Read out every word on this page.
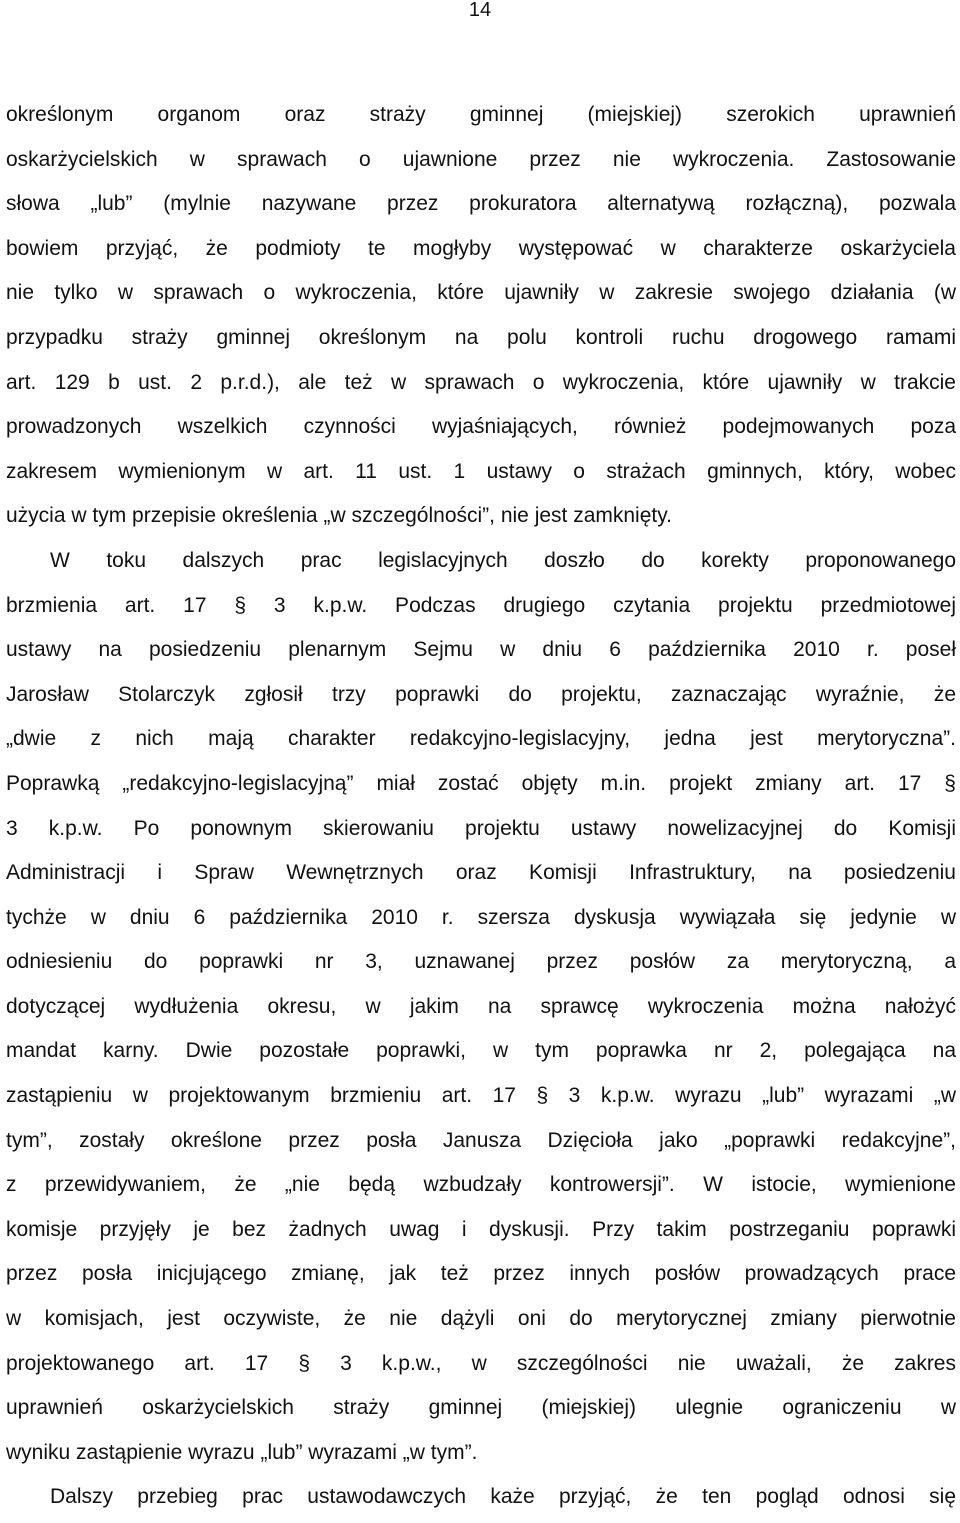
14
określonym organom oraz straży gminnej (miejskiej) szerokich uprawnień
oskarżycielskich w sprawach o ujawnione przez nie wykroczenia. Zastosowanie
słowa „lub” (mylnie nazywane przez prokuratora alternatywą rozłączną), pozwala
bowiem przyjąć, że podmioty te mogłyby występować w charakterze oskarżyciela
nie tylko w sprawach o wykroczenia, które ujawniły w zakresie swojego działania (w
przypadku straży gminnej określonym na polu kontroli ruchu drogowego ramami
art. 129 b ust. 2 p.r.d.), ale też w sprawach o wykroczenia, które ujawniły w trakcie
prowadzonych wszelkich czynności wyjaśniających, również podejmowanych poza
zakresem wymienionym w art. 11 ust. 1 ustawy o strażach gminnych, który, wobec
użycia w tym przepisie określenia „w szczególności”, nie jest zamknięty.
W toku dalszych prac legislacyjnych doszło do korekty proponowanego
brzmienia art. 17 § 3 k.p.w. Podczas drugiego czytania projektu przedmiotowej
ustawy na posiedzeniu plenarnym Sejmu w dniu 6 października 2010 r. poseł
Jarosław Stolarczyk zgłosił trzy poprawki do projektu, zaznaczając wyraźnie, że
„dwie z nich mają charakter redakcyjno-legislacyjny, jedna jest merytoryczna”.
Poprawką „redakcyjno-legislacyjną” miał zostać objęty m.in. projekt zmiany art. 17 §
3 k.p.w. Po ponownym skierowaniu projektu ustawy nowelizacyjnej do Komisji
Administracji i Spraw Wewnętrznych oraz Komisji Infrastruktury, na posiedzeniu
tychże w dniu 6 października 2010 r. szersza dyskusja wywiązała się jedynie w
odniesieniu do poprawki nr 3, uznawanej przez posłów za merytoryczną, a
dotyczącej wydłużenia okresu, w jakim na sprawcę wykroczenia można nałożyć
mandat karny. Dwie pozostałe poprawki, w tym poprawka nr 2, polegająca na
zastąpieniu w projektowanym brzmieniu art. 17 § 3 k.p.w. wyrazu „lub” wyrazami „w
tym”, zostały określone przez posła Janusza Dzięcioła jako „poprawki redakcyjne”,
z przewidywaniem, że „nie będą wzbudzały kontrowersji”. W istocie, wymienione
komisje przyjęły je bez żadnych uwag i dyskusji. Przy takim postrzeganiu poprawki
przez posła inicjującego zmianę, jak też przez innych posłów prowadzących prace
w komisjach, jest oczywiste, że nie dążyli oni do merytorycznej zmiany pierwotnie
projektowanego art. 17 § 3 k.p.w., w szczególności nie uważali, że zakres
uprawnień oskarżycielskich straży gminnej (miejskiej) ulegnie ograniczeniu w
wyniku zastąpienie wyrazu „lub” wyrazami „w tym”.
Dalszy przebieg prac ustawodawczych każe przyjąć, że ten pogląd odnosi się
